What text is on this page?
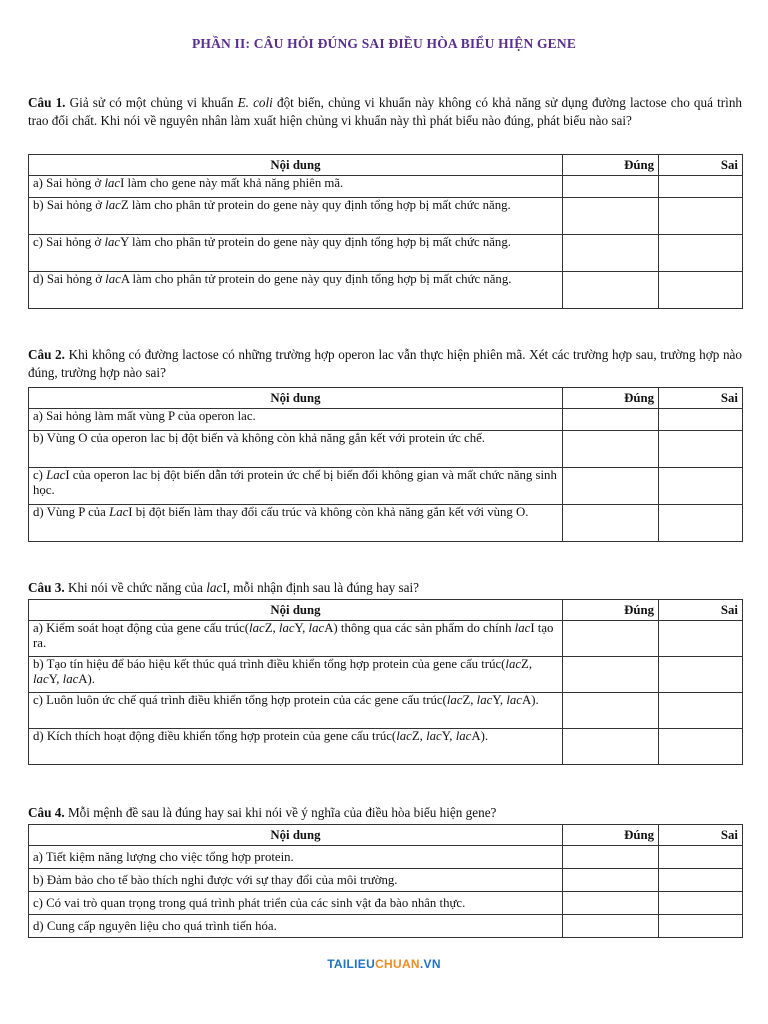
PHẦN II: CÂU HỎI ĐÚNG SAI ĐIỀU HÒA BIỂU HIỆN GENE
Câu 1. Giả sử có một chủng vi khuẩn E. coli đột biến, chủng vi khuẩn này không có khả năng sử dụng đường lactose cho quá trình trao đổi chất. Khi nói về nguyên nhân làm xuất hiện chủng vi khuẩn này thì phát biểu nào đúng, phát biểu nào sai?
Nội dung	Đúng	Sai
a) Sai hỏng ở lacI làm cho gene này mất khả năng phiên mã.		
b) Sai hỏng ở lacZ làm cho phân tử protein do gene này quy định tổng hợp bị mất chức năng.		
c) Sai hỏng ở lacY làm cho phân tử protein do gene này quy định tổng hợp bị mất chức năng.		
d) Sai hỏng ở lacA làm cho phân tử protein do gene này quy định tổng hợp bị mất chức năng.		
Câu 2. Khi không có đường lactose có những trường hợp operon lac vẫn thực hiện phiên mã. Xét các trường hợp sau, trường hợp nào đúng, trường hợp nào sai?
Nội dung	Đúng	Sai
a) Sai hỏng làm mất vùng P của operon lac.		
b) Vùng O của operon lac bị đột biến và không còn khả năng gắn kết với protein ức chế.		
c) LacI của operon lac bị đột biến dẫn tới protein ức chế bị biến đổi không gian và mất chức năng sinh học.		
d) Vùng P của LacI bị đột biến làm thay đổi cấu trúc và không còn khả năng gắn kết với vùng O.		
Câu 3. Khi nói về chức năng của lacI, mỗi nhận định sau là đúng hay sai?
Nội dung	Đúng	Sai
a) Kiểm soát hoạt động của gene cấu trúc(lacZ, lacY, lacA) thông qua các sản phẩm do chính lacI tạo ra.		
b) Tạo tín hiệu để báo hiệu kết thúc quá trình điều khiển tổng hợp protein của gene cấu trúc(lacZ, lacY, lacA).		
c) Luôn luôn ức chế quá trình điều khiển tổng hợp protein của các gene cấu trúc(lacZ, lacY, lacA).		
d) Kích thích hoạt động điều khiển tổng hợp protein của gene cấu trúc(lacZ, lacY, lacA).		
Câu 4. Mỗi mệnh đề sau là đúng hay sai khi nói về ý nghĩa của điều hòa biểu hiện gene?
Nội dung	Đúng	Sai
a) Tiết kiệm năng lượng cho việc tổng hợp protein.		
b) Đảm bảo cho tế bào thích nghi được với sự thay đổi của môi trường.		
c) Có vai trò quan trọng trong quá trình phát triển của các sinh vật đa bào nhân thực.		
d) Cung cấp nguyên liệu cho quá trình tiến hóa.		
TAILIEUCHUAN.VN
